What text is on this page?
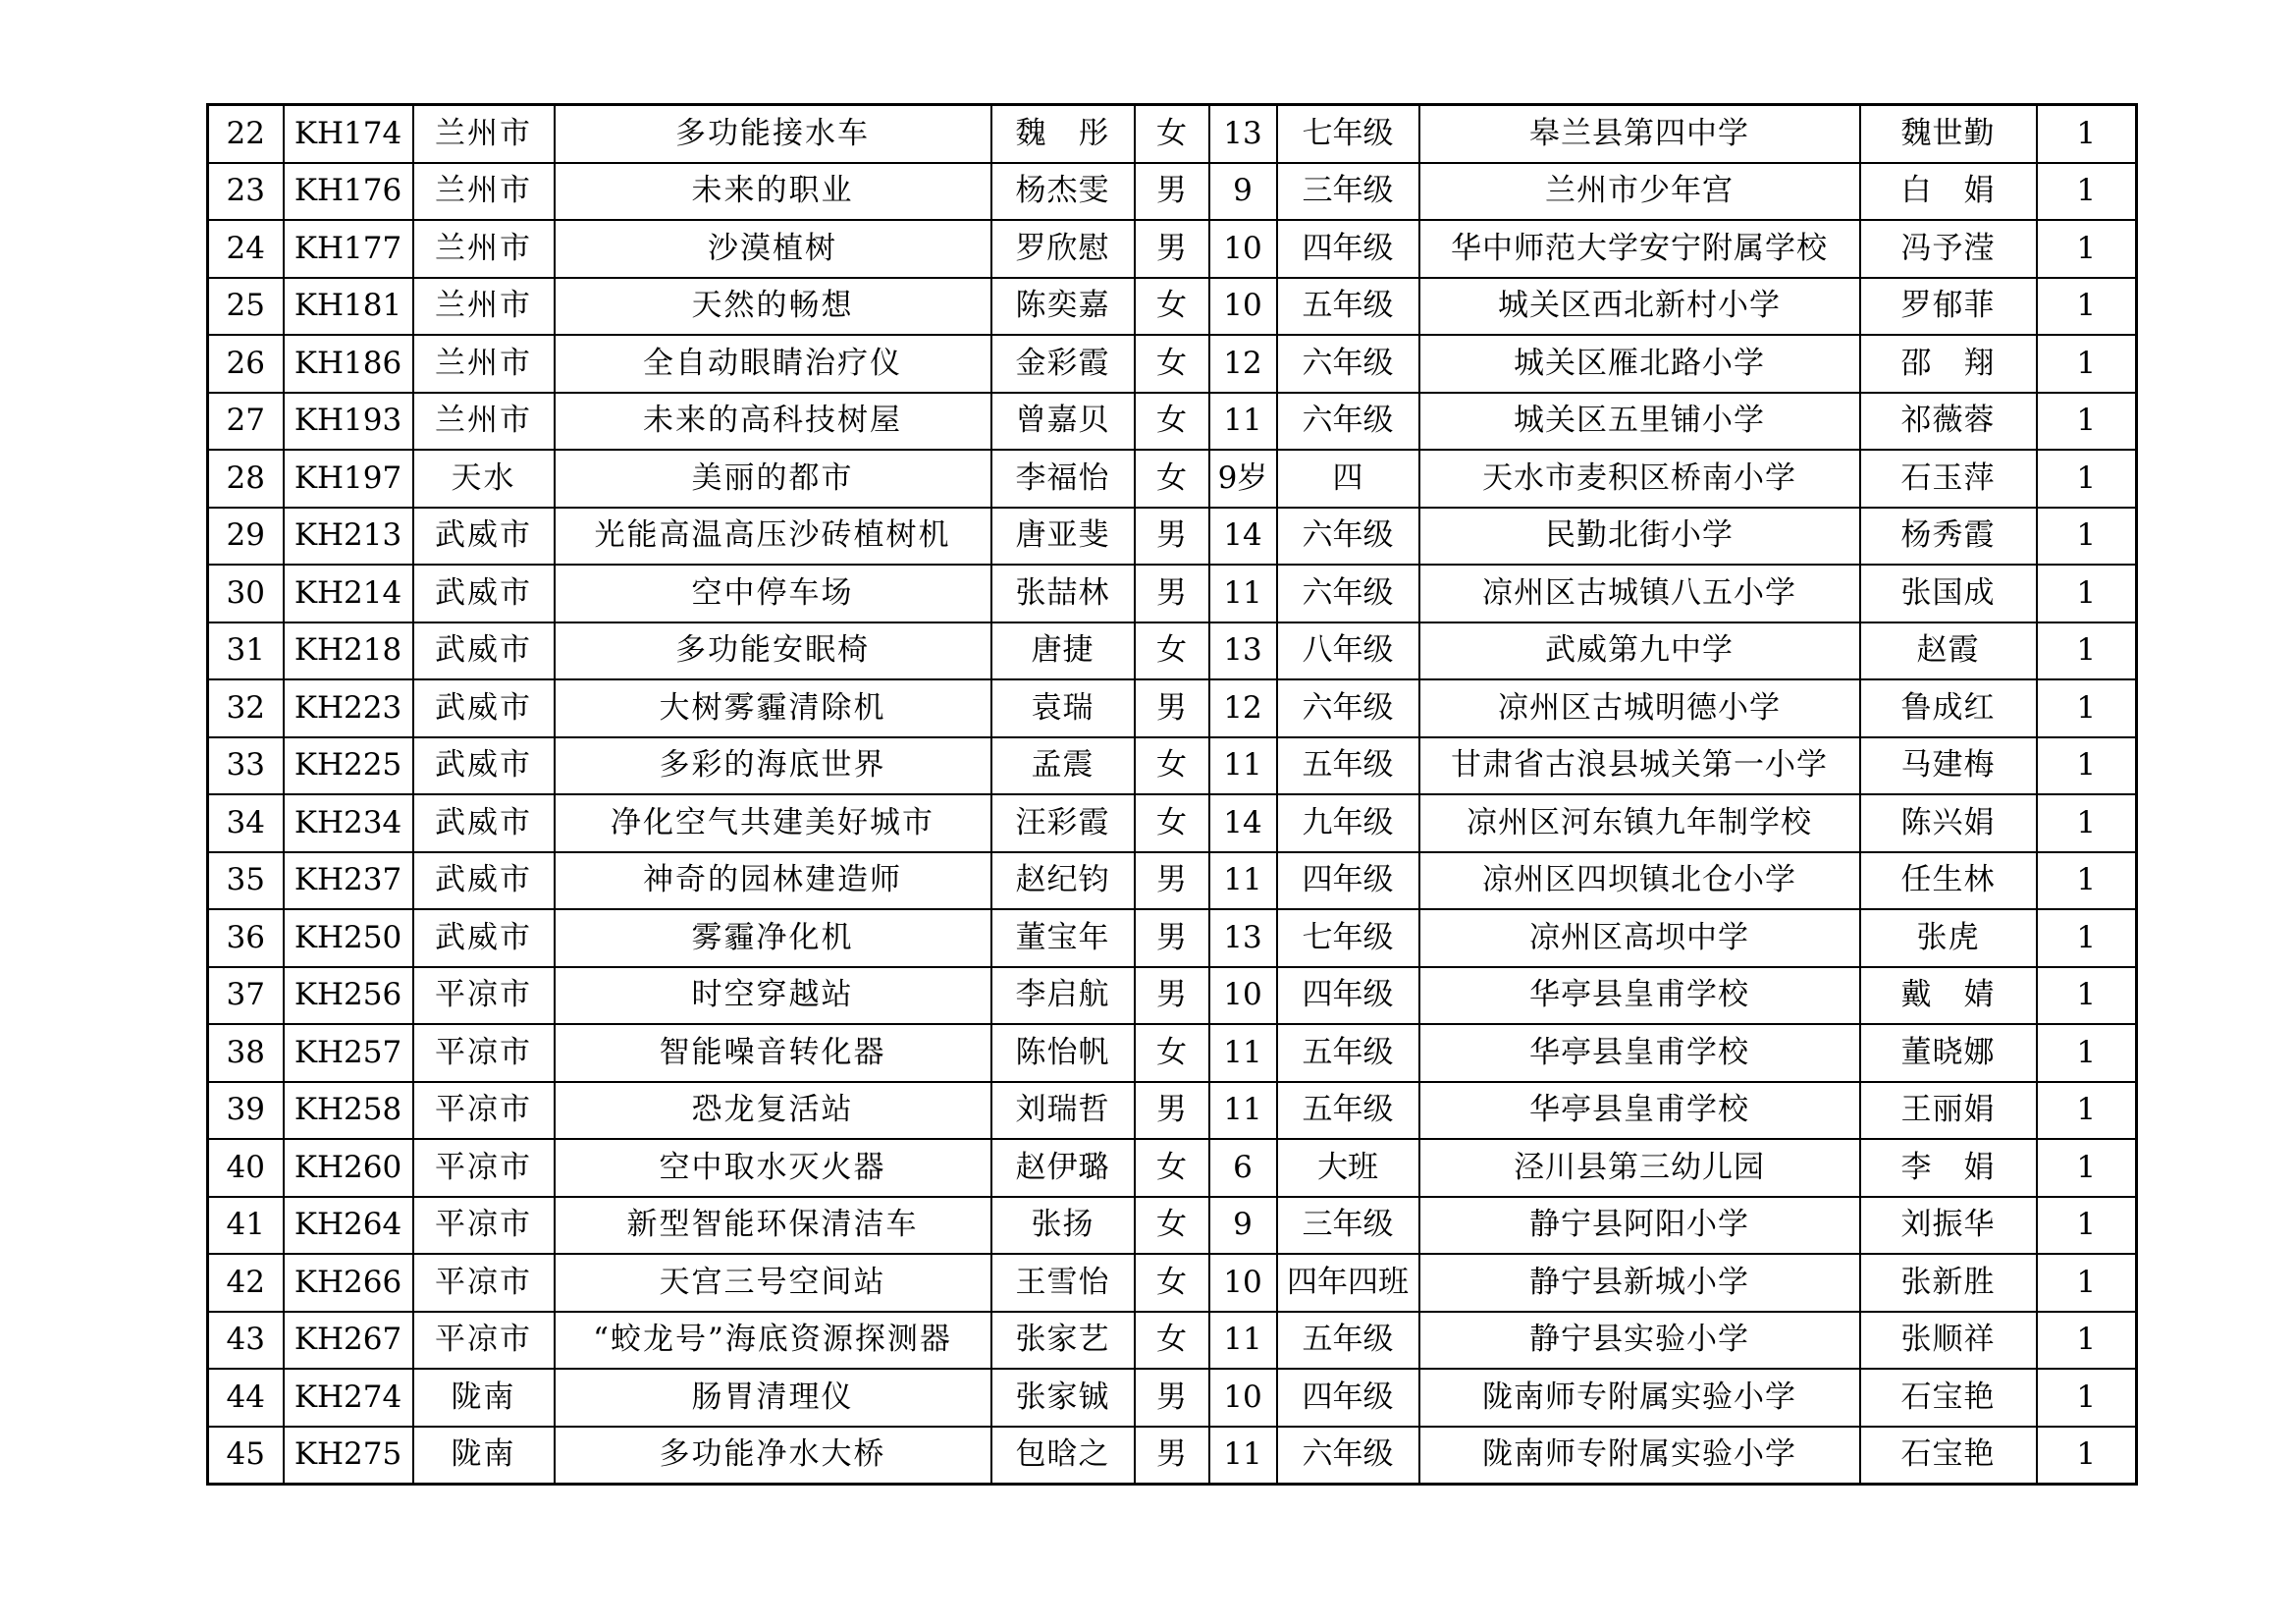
22	KH174	兰州市	多功能接水车	魏　彤	女	13	七年级	皋兰县第四中学	魏世勤	1
23	KH176	兰州市	未来的职业	杨杰雯	男	9	三年级	兰州市少年宫	白　娟	1
24	KH177	兰州市	沙漠植树	罗欣慰	男	10	四年级	华中师范大学安宁附属学校	冯予滢	1
25	KH181	兰州市	天然的畅想	陈奕嘉	女	10	五年级	城关区西北新村小学	罗郁菲	1
26	KH186	兰州市	全自动眼睛治疗仪	金彩霞	女	12	六年级	城关区雁北路小学	邵　翔	1
27	KH193	兰州市	未来的高科技树屋	曾嘉贝	女	11	六年级	城关区五里铺小学	祁薇蓉	1
28	KH197	天水	美丽的都市	李福怡	女	9岁	四	天水市麦积区桥南小学	石玉萍	1
29	KH213	武威市	光能高温高压沙砖植树机	唐亚斐	男	14	六年级	民勤北街小学	杨秀霞	1
30	KH214	武威市	空中停车场	张喆林	男	11	六年级	凉州区古城镇八五小学	张国成	1
31	KH218	武威市	多功能安眠椅	唐捷	女	13	八年级	武威第九中学	赵霞	1
32	KH223	武威市	大树雾霾清除机	袁瑞	男	12	六年级	凉州区古城明德小学	鲁成红	1
33	KH225	武威市	多彩的海底世界	孟震	女	11	五年级	甘肃省古浪县城关第一小学	马建梅	1
34	KH234	武威市	净化空气共建美好城市	汪彩霞	女	14	九年级	凉州区河东镇九年制学校	陈兴娟	1
35	KH237	武威市	神奇的园林建造师	赵纪钧	男	11	四年级	凉州区四坝镇北仓小学	任生林	1
36	KH250	武威市	雾霾净化机	董宝年	男	13	七年级	凉州区高坝中学	张虎	1
37	KH256	平凉市	时空穿越站	李启航	男	10	四年级	华亭县皇甫学校	戴　婧	1
38	KH257	平凉市	智能噪音转化器	陈怡帆	女	11	五年级	华亭县皇甫学校	董晓娜	1
39	KH258	平凉市	恐龙复活站	刘瑞哲	男	11	五年级	华亭县皇甫学校	王丽娟	1
40	KH260	平凉市	空中取水灭火器	赵伊璐	女	6	大班	泾川县第三幼儿园	李　娟	1
41	KH264	平凉市	新型智能环保清洁车	张扬	女	9	三年级	静宁县阿阳小学	刘振华	1
42	KH266	平凉市	天宫三号空间站	王雪怡	女	10	四年四班	静宁县新城小学	张新胜	1
43	KH267	平凉市	“蛟龙号”海底资源探测器	张家艺	女	11	五年级	静宁县实验小学	张顺祥	1
44	KH274	陇南	肠胃清理仪	张家铖	男	10	四年级	陇南师专附属实验小学	石宝艳	1
45	KH275	陇南	多功能净水大桥	包晗之	男	11	六年级	陇南师专附属实验小学	石宝艳	1
